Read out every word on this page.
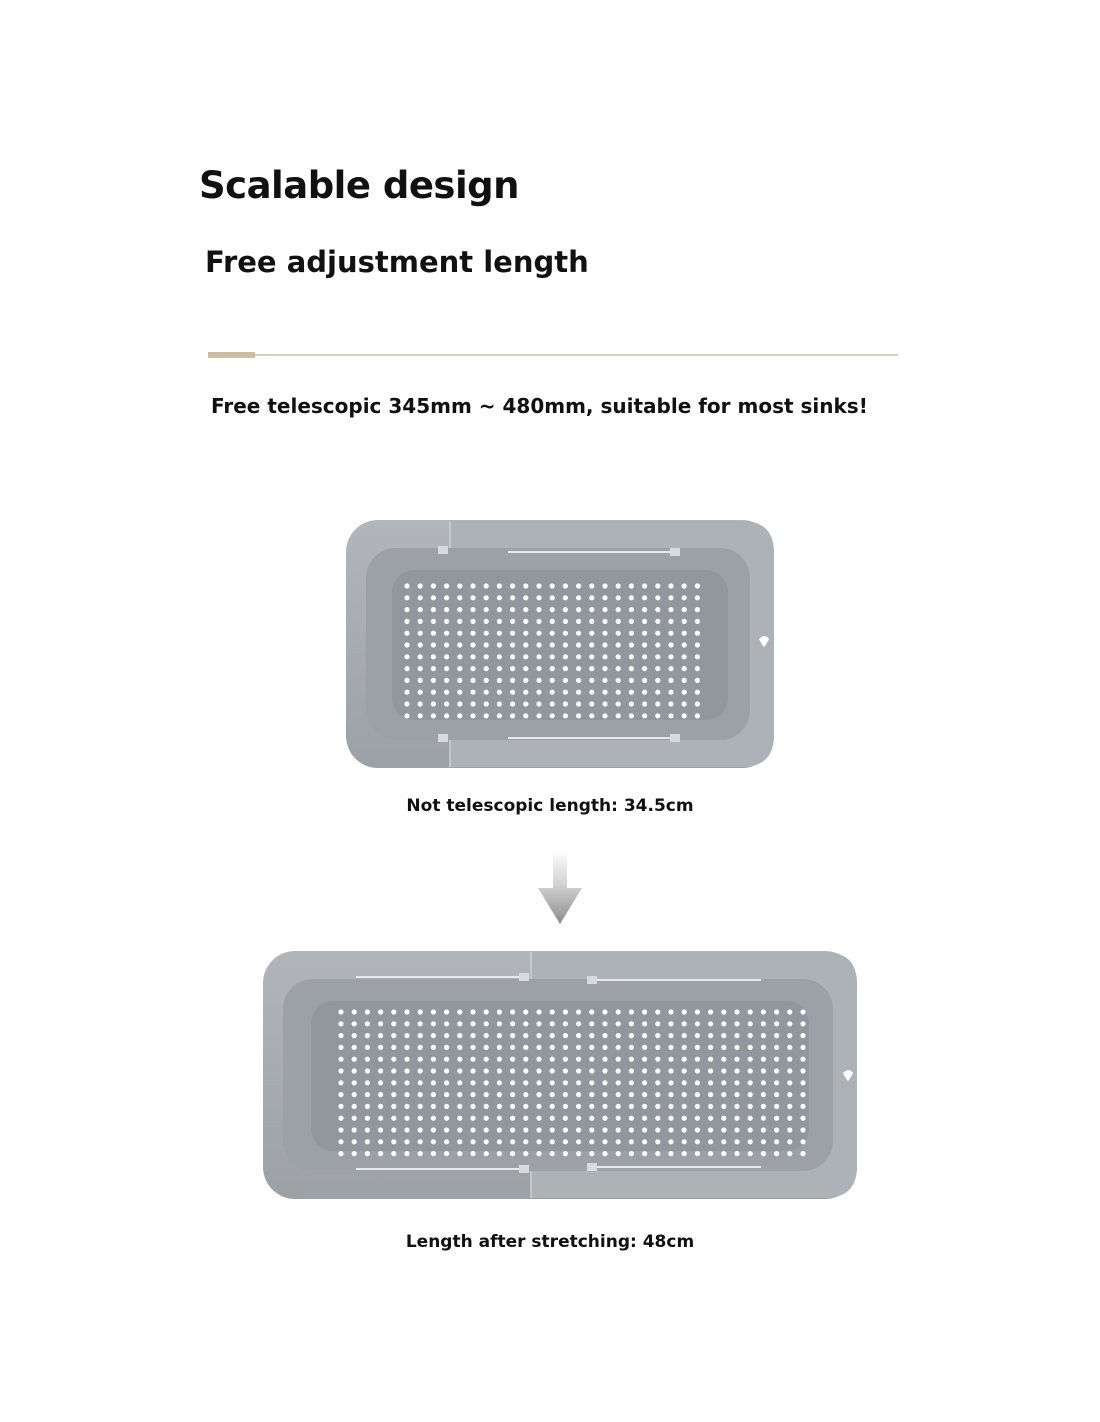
Scalable design
Free adjustment length

Free telescopic 345mm ~ 480mm, suitable for most sinks!

Not telescopic length: 34.5cm

Length after stretching: 48cm
